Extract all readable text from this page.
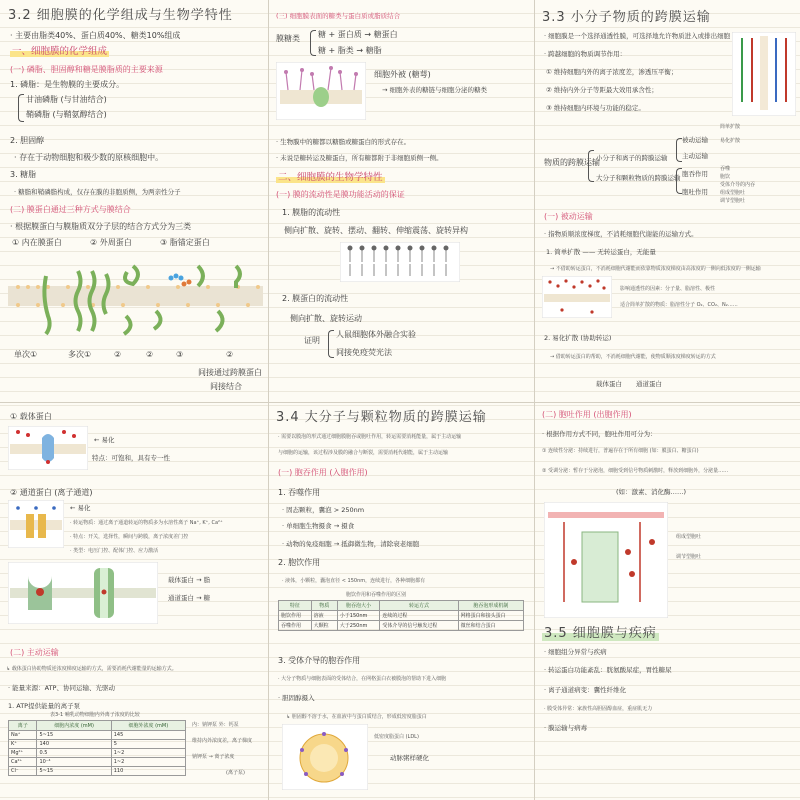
3.2 细胞膜的化学组成与生物学特性
· 主要由脂类40%、蛋白质40%、糖类10%组成
一、细胞膜的化学组成
(一) 磷脂、胆固醇和糖是膜脂质的主要来源
1. 磷脂：是生物膜的主要成分。
甘油磷脂 (与甘油结合)
鞘磷脂 (与鞘氨醇结合)
2. 胆固醇
· 存在于动物细胞和极少数的原核细胞中。
3. 糖脂
· 糖脂和鞘磷脂构成，仅存在膜的非胞质侧，为两亲性分子
(二) 膜蛋白通过三种方式与膜结合
· 根据膜蛋白与膜脂质双分子层的结合方式分为三类
① 内在膜蛋白	② 外周蛋白	③ 脂锚定蛋白
单次①	多次①	②	②	③	②
间接通过跨膜蛋白
间接结合
(三) 细胞膜表面的糖类与蛋白质或脂质结合
膜糖类 糖 + 蛋白质 → 糖蛋白
糖 + 脂类 → 糖脂
细胞外被 (糖萼)
→ 细胞外表的糖链与细胞分泌的糖类
· 生物膜中的糖都以糖脂或糖蛋白的形式存在。
· 未说是糖转运及糖蛋白，所有糖都附于非细胞质侧一侧。
二、细胞膜的生物学特性
(一) 膜的流动性是膜功能活动的保证
1. 膜脂的流动性
侧向扩散、旋转、摆动、翻转、伸缩震荡、旋转异构
2. 膜蛋白的流动性
侧向扩散、旋转运动
证明
人鼠细胞体外融合实验
间接免疫荧光法
3.3 小分子物质的跨膜运输
· 细胞膜是一个选择通透性膜，可选择地允许物质进入或排出细胞
· 跨越细胞的物质调节作用：
① 维持细胞内外的离子浓度差，渗透压平衡；
② 维持内外分子等距最大效用承含性；
③ 维持细胞内环境与功能的稳定。
物质的跨膜运输
小分子和离子的跨膜运输
大分子和颗粒物质的跨膜运输
被动运输
主动运输
简单扩散
易化扩散
胞吞作用
胞吐作用
吞噬
胞饮
受体介导的内吞
组成型胞吐
调节型胞吐
(一) 被动运输
· 指物质顺浓度梯度，不消耗细胞代谢能的运输方式。
1. 简单扩散 —— 无转运蛋白，无能量
→ 不借助转运蛋白，不消耗细胞代谢能而依靠物质浓度梯度由高浓度的一侧向低浓度的一侧运输
影响通透性的因素：分子量、脂溶性、极性
适合简单扩散的物质：脂溶性分子 O₂、CO₂、N₂……
2. 易化扩散 (协助转运)
→ 借助转运蛋白的帮助，不消耗细胞代谢能，使物质顺浓度梯度转运的方式
载体蛋白 通道蛋白
① 载体蛋白
← 易化
特点：可饱和，具有专一性
② 通道蛋白 (离子通道)
← 易化
· 转运物质：通过离子通道转运的物质多为水溶性离子 Na⁺, K⁺, Ca²⁺
· 特点：开关，选择性，瞬间与跨膜，离子浓度差门控
· 类型：电压门控、配体门控、应力激活
载体蛋白 → 脂
通道蛋白 → 糖
(二) 主动运输
↳ 载体蛋白协助物质逆浓度梯度运输的方式，需要消耗代谢能量的运输方式。
· 能量来源：ATP、协同运输、光驱动
1. ATP提供能量的离子泵
表3-1 哺乳动物细胞内外离子浓度的比较
离子	细胞内浓度 (mM)	细胞外浓度 (mM)
Na⁺	5~15	145
K⁺	140	5
Mg²⁺	0.5	1~2
Ca²⁺	10⁻⁴	1~2
Cl⁻	5~15	110
内：钠钾泵 外：钙泵
维持内外浓度差，离子梯度
钠钾泵 → 离子浓度
(离子泵)
3.4 大分子与颗粒物质的跨膜运输
· 需要以膜泡的形式通过细胞膜胞吞或胞吐作用，转运需要消耗能量，属于主动运输
与细胞的运输，该过程涉及膜的融合与断裂，需要消耗代谢能，属于主动运输
(一) 胞吞作用 (入胞作用)
1. 吞噬作用
· 固态颗粒，囊泡 > 250nm
· 单细胞生物摄食 → 摄食
· 动物的免疫细胞 → 抵御微生物，清除衰老细胞
2. 胞饮作用
· 液体，小颗粒，囊泡直径 < 150nm，连续进行，各种细胞都有
胞饮作用和吞噬作用的区别
特征	物质	胞吞泡大小	转运方式	胞吞泡形成机制
胞饮作用	溶液	小于150nm	连续的过程	网格蛋白和接头蛋白
吞噬作用	大颗粒	大于250nm	受体介导的信号触发过程	微丝和结合蛋白
3. 受体介导的胞吞作用
· 大分子物质与细胞表面的受体结合，在网格蛋白衣被膜泡的帮助下进入细胞
· 胆固醇摄入
↳ 胆固醇不溶于水，在血液中与蛋白质结合，形成低密度脂蛋白
低密度脂蛋白 (LDL)
动脉粥样硬化
(二) 胞吐作用 (出胞作用)
· 根据作用方式不同，胞吐作用可分为：
① 连续性分泌：持续进行，普遍存在于所有细胞 (如：膜蛋白、糖蛋白)
② 受调分泌：暂存于分泌泡，细胞受到信号物质刺激时，释放到细胞外，分泌量……
(如：激素、消化酶……)
组成型胞吐
调节型胞吐
3.5 细胞膜与疾病
· 细胞组分异常与疾病
· 转运蛋白功能紊乱：胱氨酸尿症，胃性糖尿
· 离子通道病变：囊性纤维化
· 膜受体异常：家族性高胆固醇血症，重症肌无力
· 膜运输与病毒
